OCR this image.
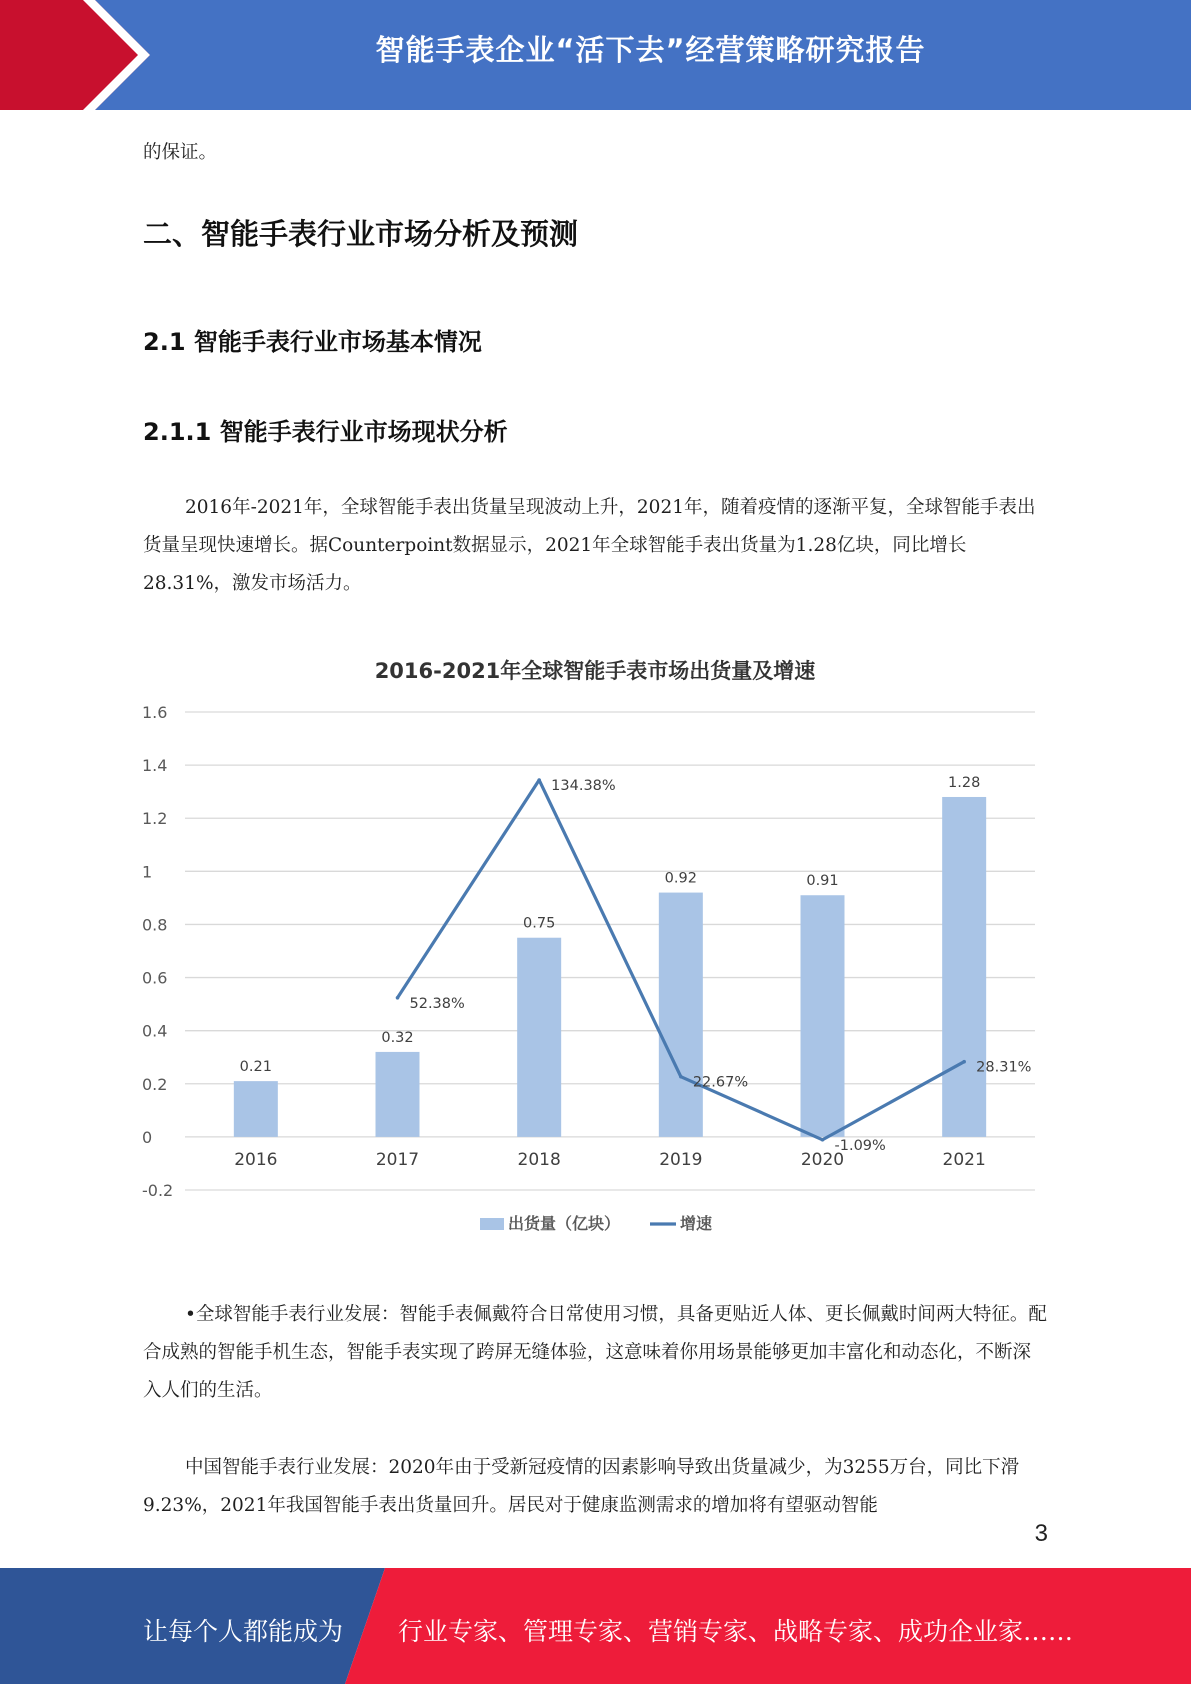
智能手表企业“活下去”经营策略研究报告
的保证。
二、智能手表行业市场分析及预测
2.1 智能手表行业市场基本情况
2.1.1 智能手表行业市场现状分析
2016年-2021年，全球智能手表出货量呈现波动上升，2021年，随着疫情的逐渐平复，全球智能手表出货量呈现快速增长。据Counterpoint数据显示，2021年全球智能手表出货量为1.28亿块，同比增长28.31%，激发市场活力。
2016-2021年全球智能手表市场出货量及增速
1.6
1.4
1.2
1
0.8
0.6
0.4
0.2
0
-0.2
2016	2017	2018	2019	2020	2021
0.21
0.32
0.75
0.92	0.91
1.28
52.38%
134.38%
22.67%
-1.09%
28.31%
出货量（亿块）	增速
•全球智能手表行业发展：智能手表佩戴符合日常使用习惯，具备更贴近人体、更长佩戴时间两大特征。配合成熟的智能手机生态，智能手表实现了跨屏无缝体验，这意味着你用场景能够更加丰富化和动态化，不断深入人们的生活。
中国智能手表行业发展：2020年由于受新冠疫情的因素影响导致出货量减少，为3255万台，同比下滑9.23%，2021年我国智能手表出货量回升。居民对于健康监测需求的增加将有望驱动智能
3
让每个人都能成为 行业专家、管理专家、营销专家、战略专家、成功企业家……
